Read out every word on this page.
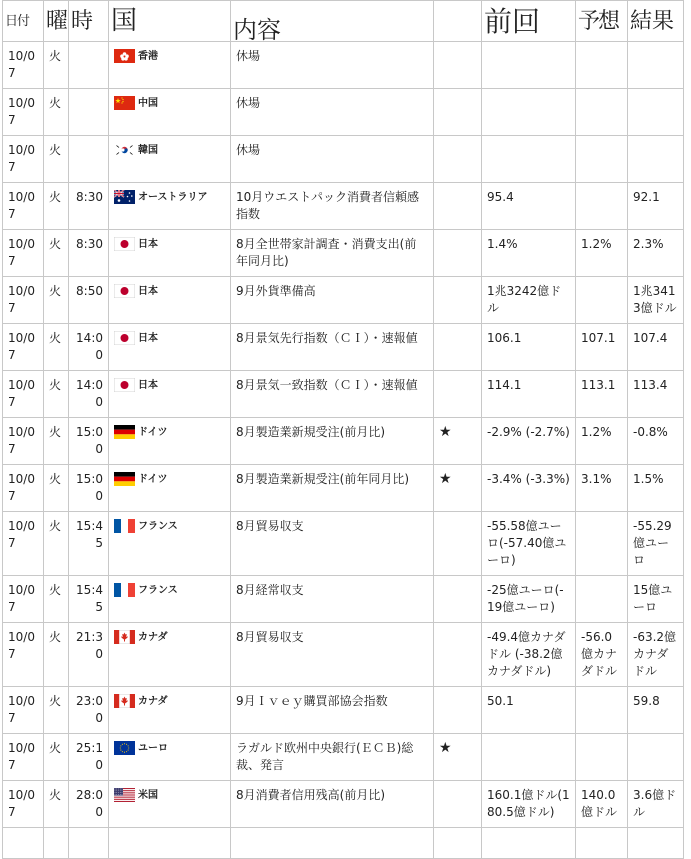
日付	曜	時	国	内容		前回	予想	結果
10/07	火		香港	休場				
10/07	火		中国	休場				
10/07	火		韓国	休場				
10/07	火	8:30	オーストラリア	10月ウエストパック消費者信頼感指数		95.4		92.1
10/07	火	8:30	日本	8月全世帯家計調査・消費支出(前年同月比)		1.4%	1.2%	2.3%
10/07	火	8:50	日本	9月外貨準備高		1兆3242億ドル		1兆3413億ドル
10/07	火	14:00	日本	8月景気先行指数（ＣＩ）・速報値		106.1	107.1	107.4
10/07	火	14:00	日本	8月景気一致指数（ＣＩ）・速報値		114.1	113.1	113.4
10/07	火	15:00	ドイツ	8月製造業新規受注(前月比)	★	-2.9% (-2.7%)	1.2%	-0.8%
10/07	火	15:00	ドイツ	8月製造業新規受注(前年同月比)	★	-3.4% (-3.3%)	3.1%	1.5%
10/07	火	15:45	フランス	8月貿易収支		-55.58億ユーロ(-57.40億ユーロ)		-55.29億ユーロ
10/07	火	15:45	フランス	8月経常収支		-25億ユーロ(-19億ユーロ)		15億ユーロ
10/07	火	21:30	カナダ	8月貿易収支		-49.4億カナダドル (-38.2億カナダドル)	-56.0億カナダドル	-63.2億カナダドル
10/07	火	23:00	カナダ	9月Ｉｖｅｙ購買部協会指数		50.1		59.8
10/07	火	25:10	ユーロ	ラガルド欧州中央銀行(ＥＣＢ)総裁、発言	★			
10/07	火	28:00	米国	8月消費者信用残高(前月比)		160.1億ドル(180.5億ドル)	140.0億ドル	3.6億ドル
